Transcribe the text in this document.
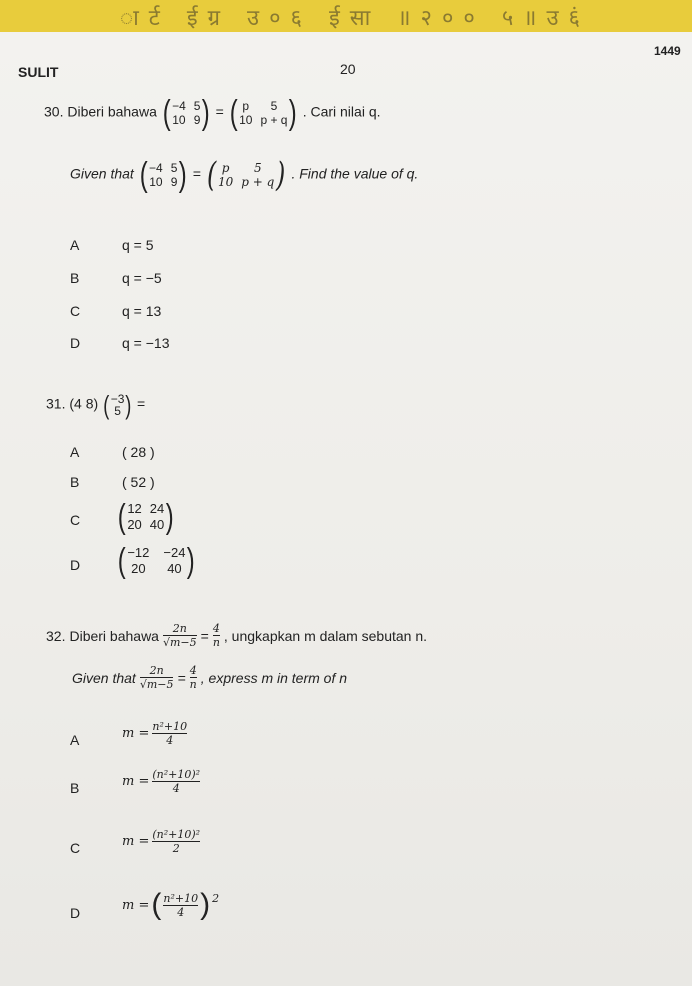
ार्ट ईग्र उ०६ ईसा ॥२०० ५॥उ६ं
1449
SULIT	20
30. Diberi bahawa ( −4 5
10 9 ) = ( p	5
10 p + q ) . Cari nilai q.
Given that ( −4 5
10 9 ) = ( p	5
10 p + q ) . Find the value of q.
A	q = 5
B	q = −5
C	q = 13
D	q = −13
31. (4 8) ( −3
5 ) =
A	( 28 )
B	( 52 )
C ( 12 24
20 40 )
D ( −12 −24
20 40 )
32. Diberi bahawa $\frac{2n}{√m-5} = \frac{4}{n}$ , ungkapkan m dalam sebutan n.
Given that $\frac{2n}{√m-5} = \frac{4}{n}$ , express m in term of n
A	$m = \frac{\text{n²+10}}{4}$
B	$m = \frac{\text{(n²+10)²}}{4}$
C	$m = \frac{\text{(n²+10)²}}{2}$
D	m = ( $\frac{\text{n²+10}}{4}$ ) 2
